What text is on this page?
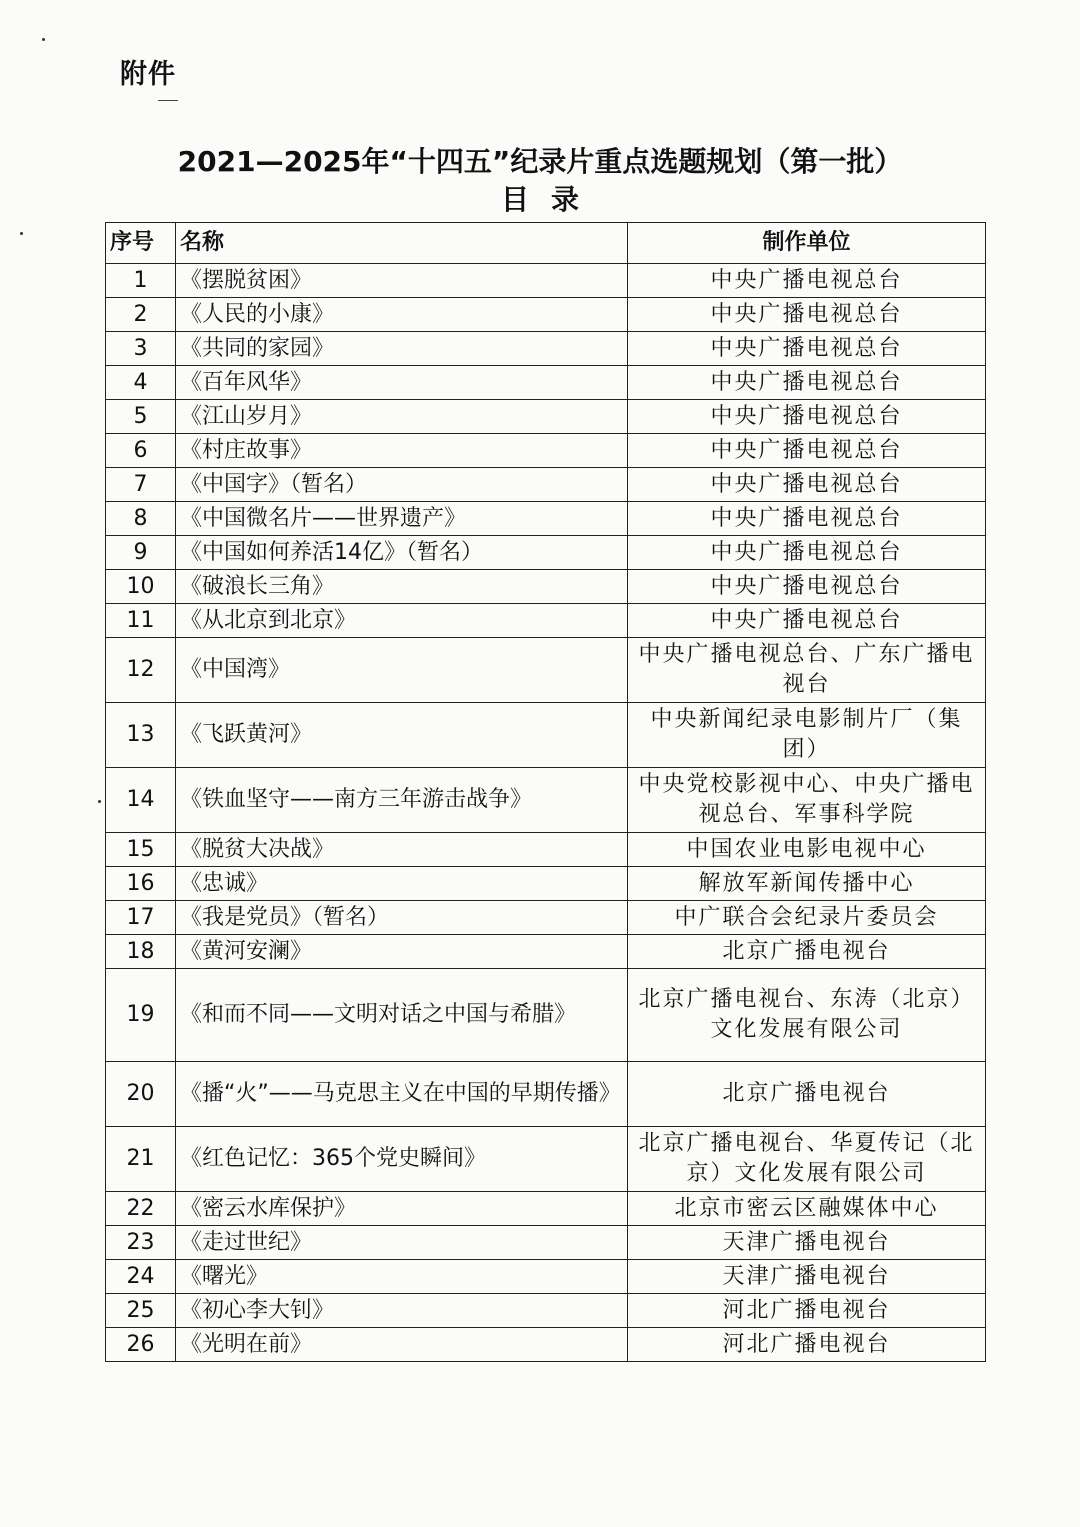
附件
2021—2025年“十四五”纪录片重点选题规划（第一批）
目录
序号	名称	制作单位
1	《摆脱贫困》	中央广播电视总台
2	《人民的小康》	中央广播电视总台
3	《共同的家园》	中央广播电视总台
4	《百年风华》	中央广播电视总台
5	《江山岁月》	中央广播电视总台
6	《村庄故事》	中央广播电视总台
7	《中国字》（暂名）	中央广播电视总台
8	《中国微名片——世界遗产》	中央广播电视总台
9	《中国如何养活14亿》（暂名）	中央广播电视总台
10	《破浪长三角》	中央广播电视总台
11	《从北京到北京》	中央广播电视总台
12	《中国湾》	中央广播电视总台、广东广播电视台
13	《飞跃黄河》	中央新闻纪录电影制片厂（集团）
14	《铁血坚守——南方三年游击战争》	中央党校影视中心、中央广播电视总台、军事科学院
15	《脱贫大决战》	中国农业电影电视中心
16	《忠诚》	解放军新闻传播中心
17	《我是党员》（暂名）	中广联合会纪录片委员会
18	《黄河安澜》	北京广播电视台
19	《和而不同——文明对话之中国与希腊》	北京广播电视台、东涛（北京）文化发展有限公司
20	《播“火”——马克思主义在中国的早期传播》	北京广播电视台
21	《红色记忆：365个党史瞬间》	北京广播电视台、华夏传记（北京）文化发展有限公司
22	《密云水库保护》	北京市密云区融媒体中心
23	《走过世纪》	天津广播电视台
24	《曙光》	天津广播电视台
25	《初心李大钊》	河北广播电视台
26	《光明在前》	河北广播电视台
